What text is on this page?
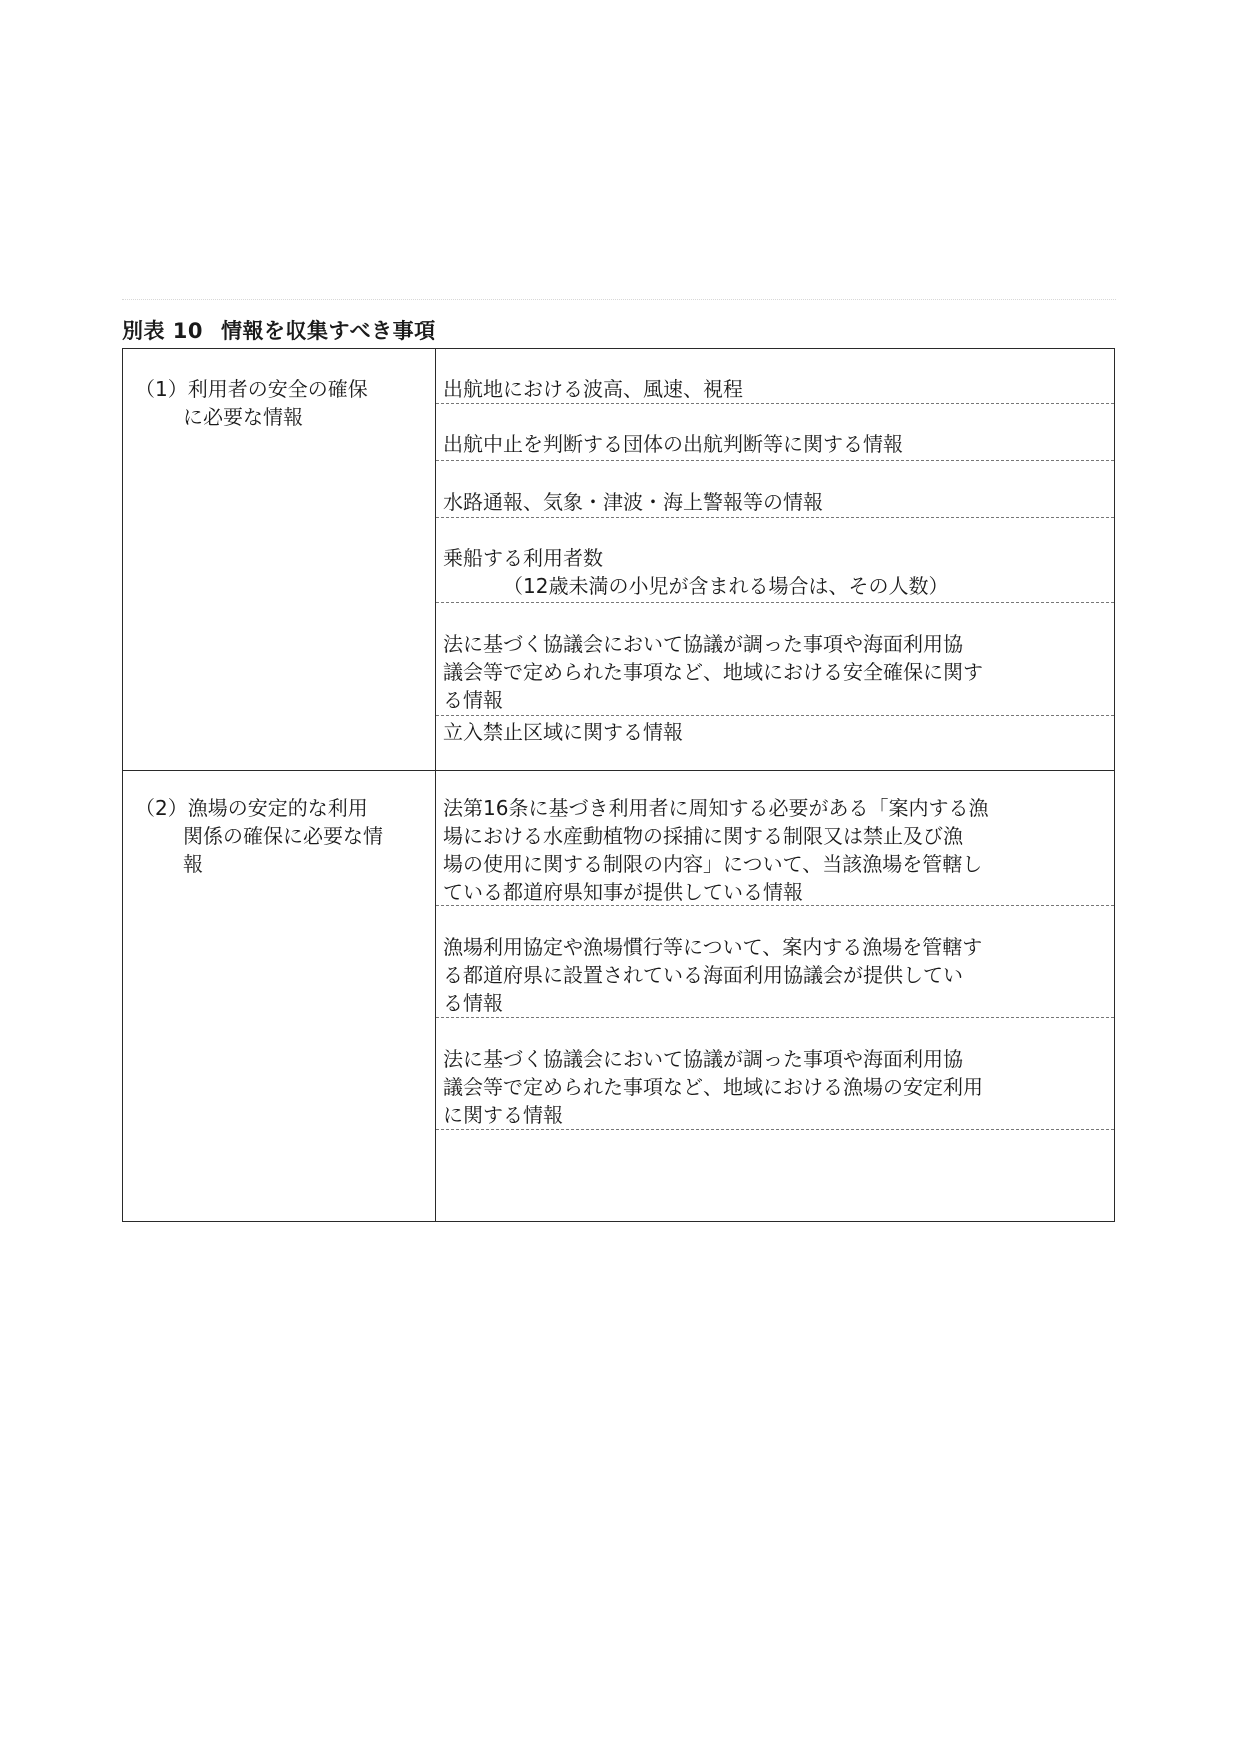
別表 10 情報を収集すべき事項
（1）利用者の安全の確保
に必要な情報
出航地における波高、風速、視程
出航中止を判断する団体の出航判断等に関する情報
水路通報、気象・津波・海上警報等の情報
乗船する利用者数
（12歳未満の小児が含まれる場合は、その人数）
法に基づく協議会において協議が調った事項や海面利用協
議会等で定められた事項など、地域における安全確保に関す
る情報
立入禁止区域に関する情報
（2）漁場の安定的な利用
関係の確保に必要な情
報
法第16条に基づき利用者に周知する必要がある「案内する漁
場における水産動植物の採捕に関する制限又は禁止及び漁
場の使用に関する制限の内容」について、当該漁場を管轄し
ている都道府県知事が提供している情報
漁場利用協定や漁場慣行等について、案内する漁場を管轄す
る都道府県に設置されている海面利用協議会が提供してい
る情報
法に基づく協議会において協議が調った事項や海面利用協
議会等で定められた事項など、地域における漁場の安定利用
に関する情報
